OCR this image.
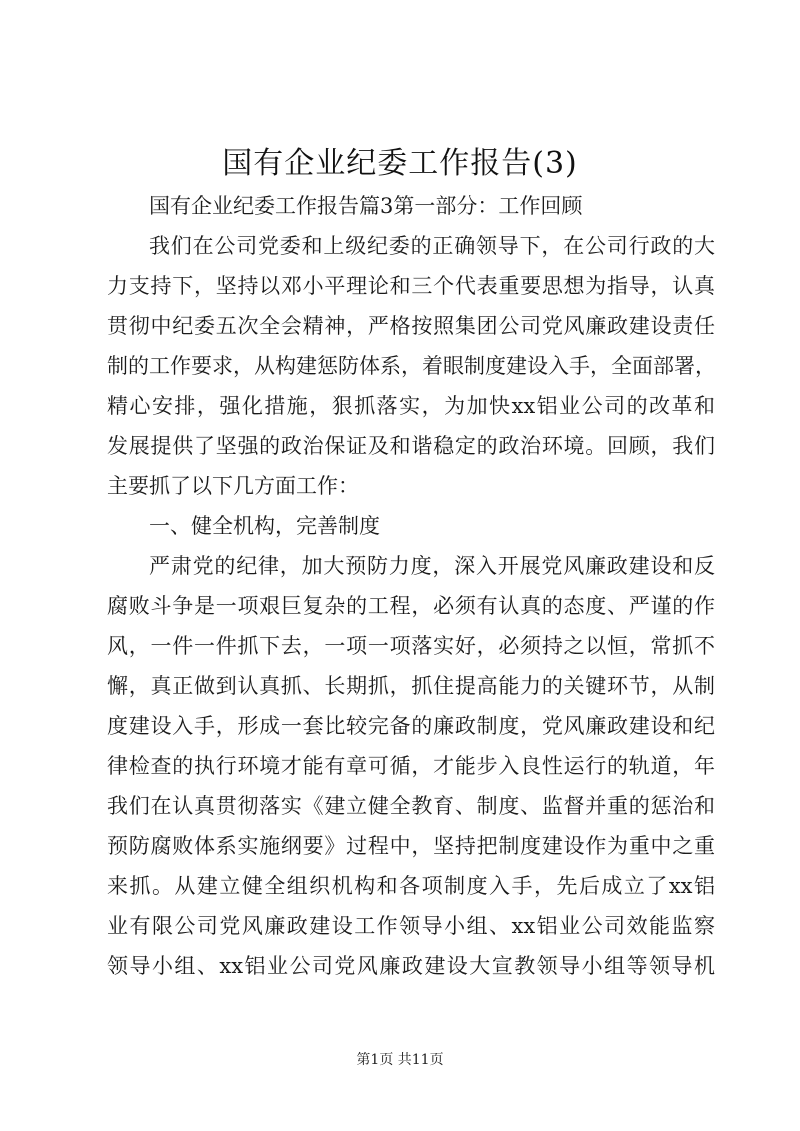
国有企业纪委工作报告(3)
国有企业纪委工作报告篇3第一部分：工作回顾
我们在公司党委和上级纪委的正确领导下，在公司行政的大
力支持下，坚持以邓小平理论和三个代表重要思想为指导，认真
贯彻中纪委五次全会精神，严格按照集团公司党风廉政建设责任
制的工作要求，从构建惩防体系，着眼制度建设入手，全面部署，
精心安排，强化措施，狠抓落实，为加快xx铝业公司的改革和
发展提供了坚强的政治保证及和谐稳定的政治环境。回顾，我们
主要抓了以下几方面工作：
一、健全机构，完善制度
严肃党的纪律，加大预防力度，深入开展党风廉政建设和反
腐败斗争是一项艰巨复杂的工程，必须有认真的态度、严谨的作
风，一件一件抓下去，一项一项落实好，必须持之以恒，常抓不
懈，真正做到认真抓、长期抓，抓住提高能力的关键环节，从制
度建设入手，形成一套比较完备的廉政制度，党风廉政建设和纪
律检查的执行环境才能有章可循，才能步入良性运行的轨道，年
我们在认真贯彻落实《建立健全教育、制度、监督并重的惩治和
预防腐败体系实施纲要》过程中，坚持把制度建设作为重中之重
来抓。从建立健全组织机构和各项制度入手，先后成立了xx铝
业有限公司党风廉政建设工作领导小组、xx铝业公司效能监察
领导小组、xx铝业公司党风廉政建设大宣教领导小组等领导机
第1页 共11页
